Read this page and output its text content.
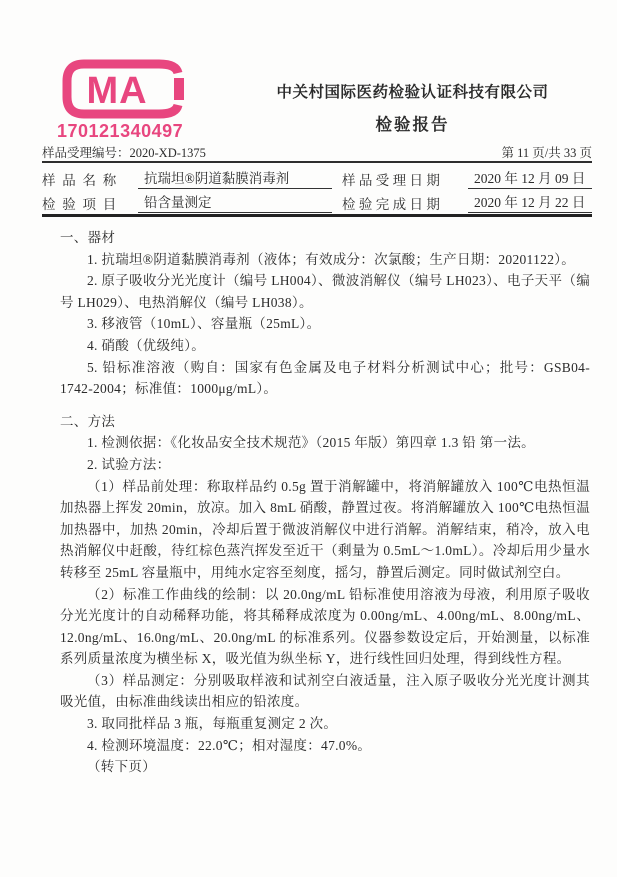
MA
170121340497
中关村国际医药检验认证科技有限公司
检验报告
样品受理编号：2020-XD-1375	第 11 页/共 33 页
样  品  名  称	抗瑞坦®阴道黏膜消毒剂	样 品 受 理 日 期	2020 年 12 月 09 日
检  验  项  目	铅含量测定	检 验 完 成 日 期	2020 年 12 月 22 日

一、器材

1. 抗瑞坦®阴道黏膜消毒剂（液体；有效成分：次氯酸；生产日期：20201122）。

2. 原子吸收分光光度计（编号 LH004）、微波消解仪（编号 LH023）、电子天平（编号 LH029）、电热消解仪（编号 LH038）。

3. 移液管（10mL）、容量瓶（25mL）。

4. 硝酸（优级纯）。

5. 铅标准溶液（购自：国家有色金属及电子材料分析测试中心；批号：GSB04-1742-2004；标准值：1000μg/mL）。

二、方法

1. 检测依据：《化妆品安全技术规范》（2015 年版）第四章 1.3 铅 第一法。

2. 试验方法：

（1）样品前处理：称取样品约 0.5g 置于消解罐中，将消解罐放入 100℃电热恒温加热器上挥发 20min，放凉。加入 8mL 硝酸，静置过夜。将消解罐放入 100℃电热恒温加热器中，加热 20min，冷却后置于微波消解仪中进行消解。消解结束，稍冷，放入电热消解仪中赶酸，待红棕色蒸汽挥发至近干（剩量为 0.5mL～1.0mL）。冷却后用少量水转移至 25mL 容量瓶中，用纯水定容至刻度，摇匀，静置后测定。同时做试剂空白。

（2）标准工作曲线的绘制：以 20.0ng/mL 铅标准使用溶液为母液，利用原子吸收分光光度计的自动稀释功能，将其稀释成浓度为 0.00ng/mL、4.00ng/mL、8.00ng/mL、12.0ng/mL、16.0ng/mL、20.0ng/mL 的标准系列。仪器参数设定后，开始测量，以标准系列质量浓度为横坐标 X，吸光值为纵坐标 Y，进行线性回归处理，得到线性方程。

（3）样品测定：分别吸取样液和试剂空白液适量，注入原子吸收分光光度计测其吸光值，由标准曲线读出相应的铅浓度。

3. 取同批样品 3 瓶，每瓶重复测定 2 次。

4. 检测环境温度：22.0℃；相对湿度：47.0%。

（转下页）
